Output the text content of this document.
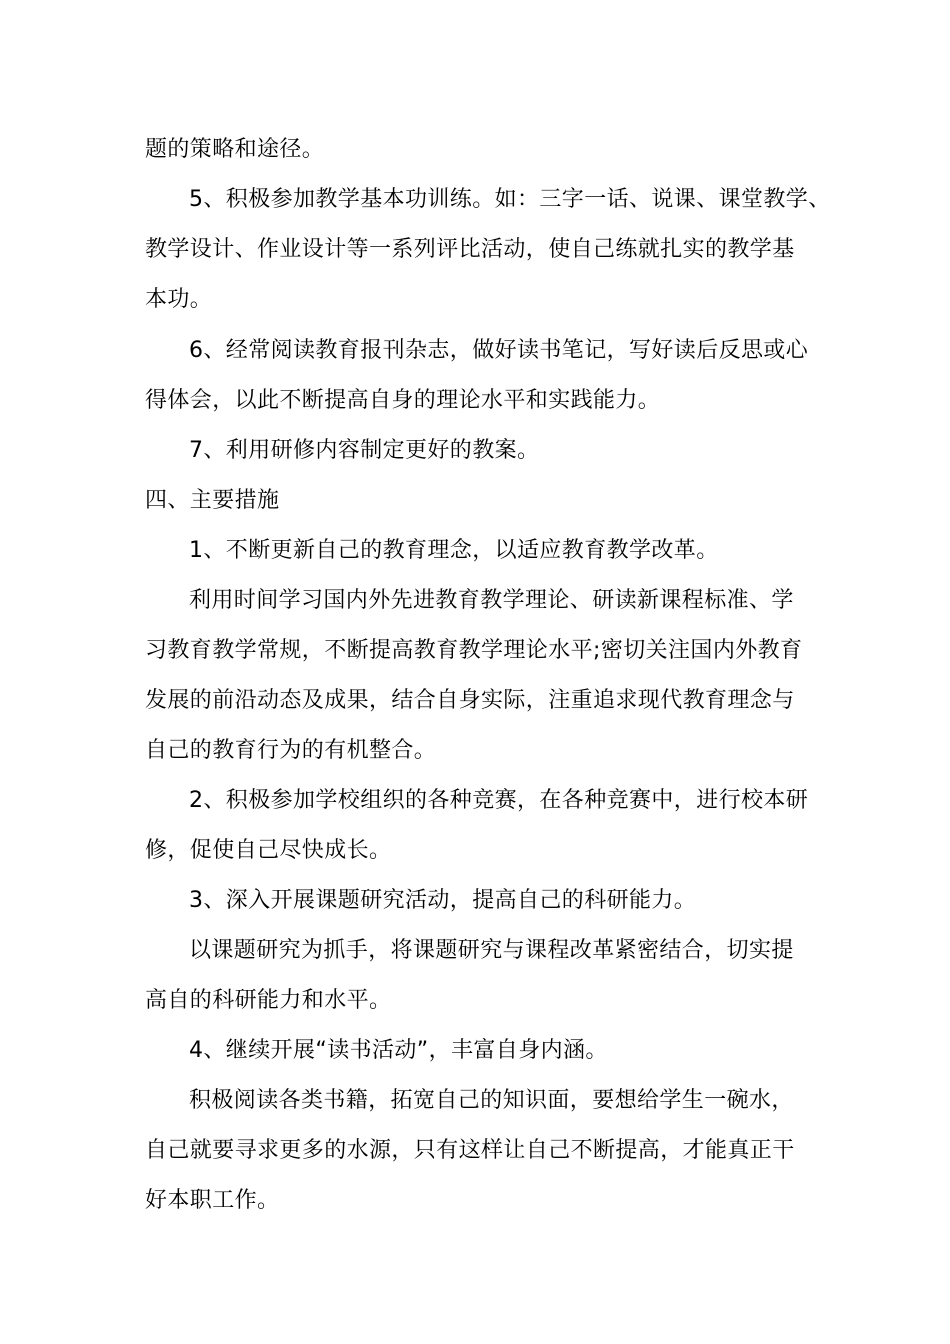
题的策略和途径。
5、积极参加教学基本功训练。如：三字一话、说课、课堂教学、
教学设计、作业设计等一系列评比活动，使自己练就扎实的教学基
本功。
6、经常阅读教育报刊杂志，做好读书笔记，写好读后反思或心
得体会，以此不断提高自身的理论水平和实践能力。
7、利用研修内容制定更好的教案。
四、主要措施
1、不断更新自己的教育理念，以适应教育教学改革。
利用时间学习国内外先进教育教学理论、研读新课程标准、学
习教育教学常规，不断提高教育教学理论水平;密切关注国内外教育
发展的前沿动态及成果，结合自身实际，注重追求现代教育理念与
自己的教育行为的有机整合。
2、积极参加学校组织的各种竞赛，在各种竞赛中，进行校本研
修，促使自己尽快成长。
3、深入开展课题研究活动，提高自己的科研能力。
以课题研究为抓手，将课题研究与课程改革紧密结合，切实提
高自的科研能力和水平。
4、继续开展“读书活动”，丰富自身内涵。
积极阅读各类书籍，拓宽自己的知识面，要想给学生一碗水，
自己就要寻求更多的水源，只有这样让自己不断提高，才能真正干
好本职工作。
